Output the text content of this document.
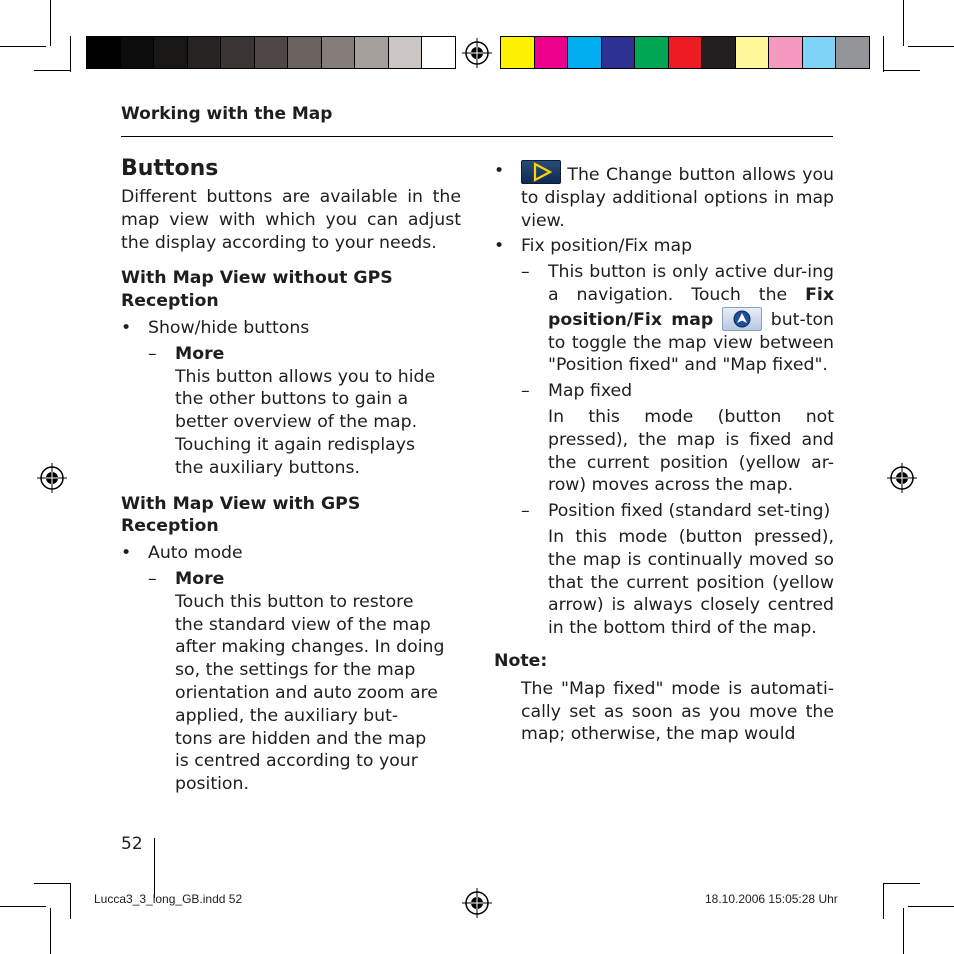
Working with the Map
Buttons

Different buttons are available in the map view with which you can adjust the display according to your needs.

With Map View without GPS Reception
• Show/hide buttons
– More
This button allows you to hide
the other buttons to gain a
better overview of the map.
Touching it again redisplays
the auxiliary buttons.
With Map View with GPS Reception
• Auto mode
– More
Touch this button to restore
the standard view of the map
after making changes. In doing
so, the settings for the map
orientation and auto zoom are
applied, the auxiliary but-
tons are hidden and the map
is centred according to your
position.
•	The Change button allows you to display additional options in map view.
• Fix position/Fix map
– This button is only active dur-ing a navigation. Touch the Fix position/Fix map	but-ton to toggle the map view between "Position fixed" and "Map fixed".
– Map fixed

In this mode (button not pressed), the map is fixed and the current position (yellow ar-row) moves across the map.

– Position fixed (standard set-ting)

In this mode (button pressed), the map is continually moved so that the current position (yellow arrow) is always closely centred in the bottom third of the map.

Note:

The "Map fixed" mode is automati-cally set as soon as you move the map; otherwise, the map would

52
Lucca3_3_long_GB.indd 52	18.10.2006 15:05:28 Uhr
